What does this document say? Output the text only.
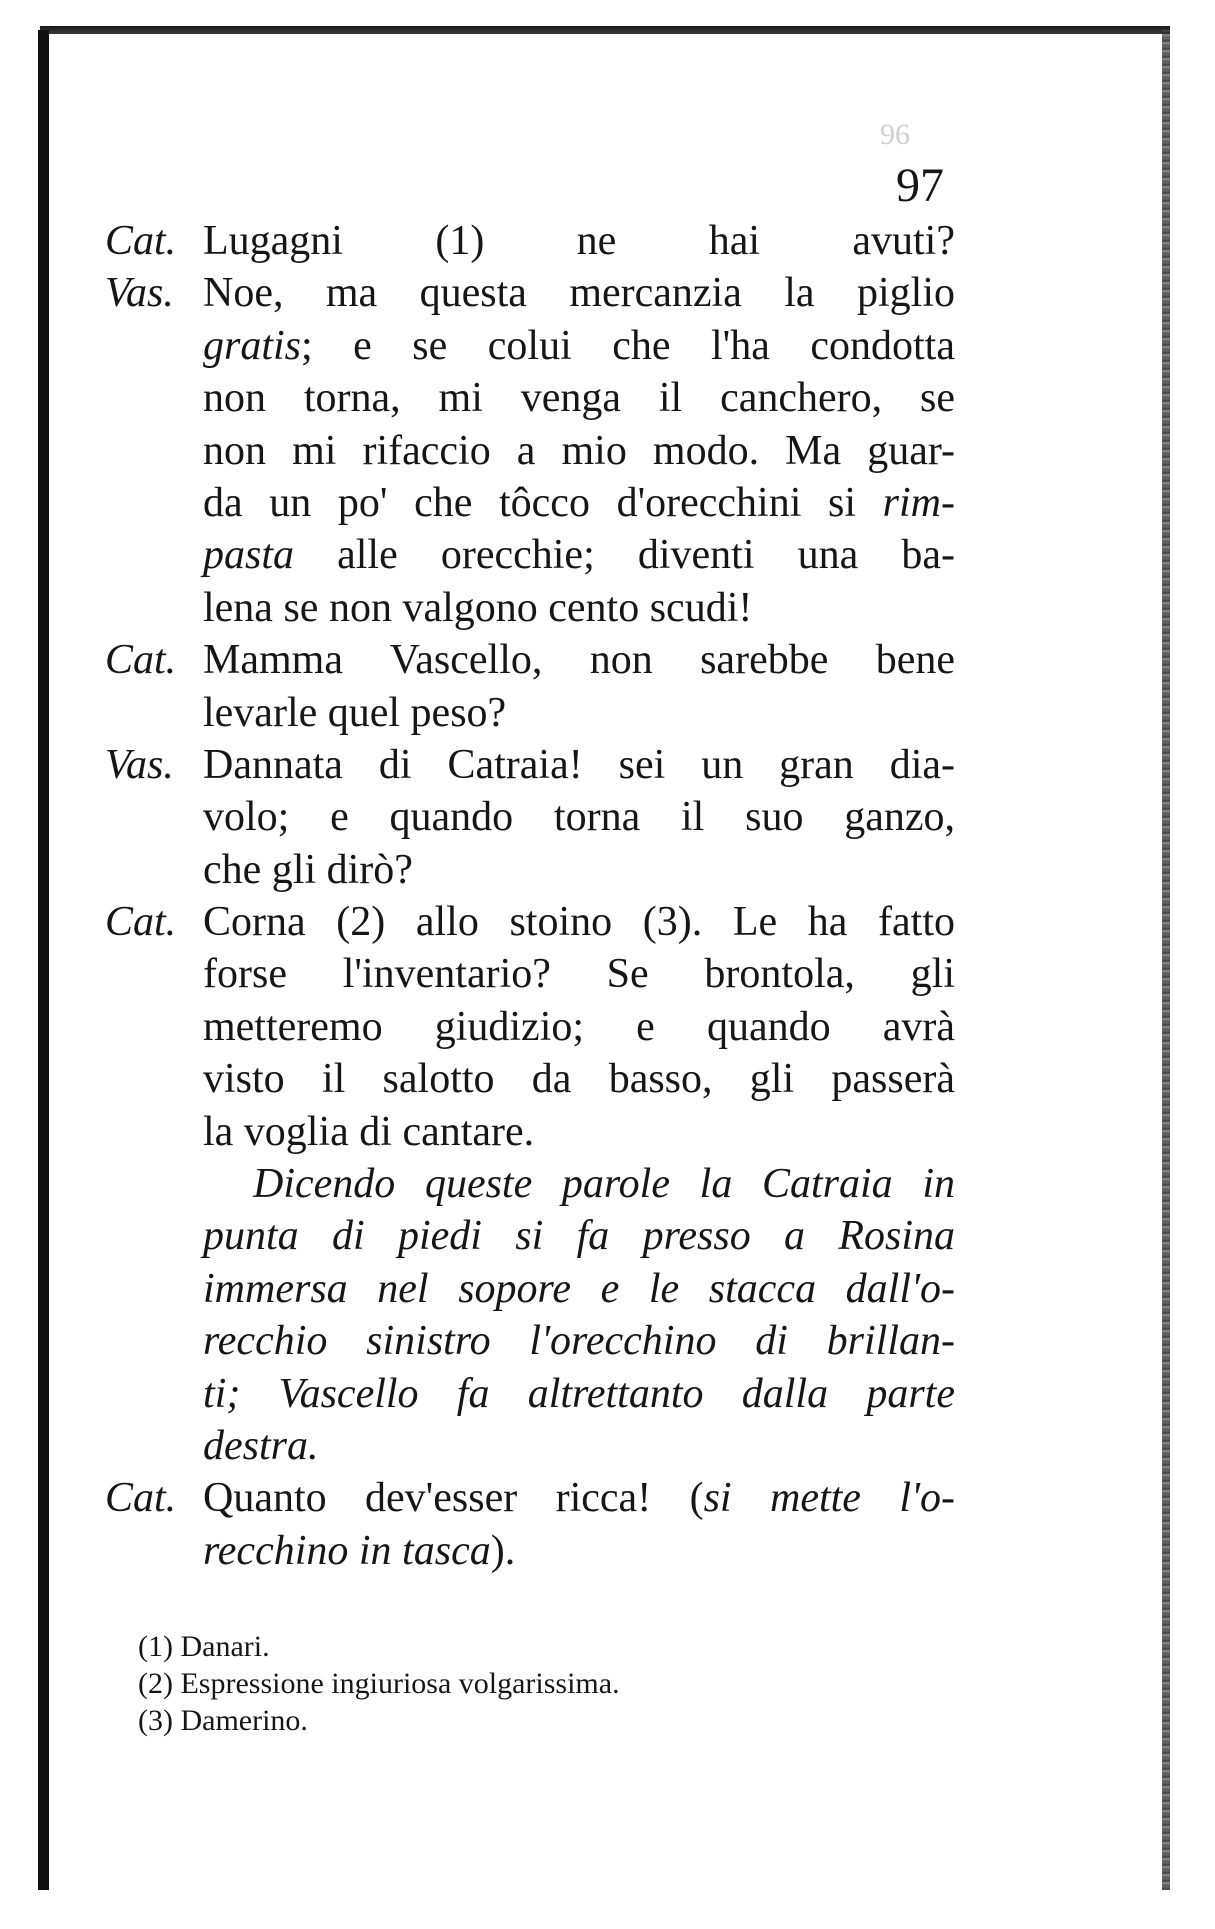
96
97
Cat. Lugagni (1) ne hai avuti?
Vas. Noe, ma questa mercanzia la piglio
gratis; e se colui che l'ha condotta
non torna, mi venga il canchero, se
non mi rifaccio a mio modo. Ma guar-
da un po' che tôcco d'orecchini si rim-
pasta alle orecchie; diventi una ba-
lena se non valgono cento scudi!
Cat. Mamma Vascello, non sarebbe bene
levarle quel peso?
Vas. Dannata di Catraia! sei un gran dia-
volo; e quando torna il suo ganzo,
che gli dirò?
Cat. Corna (2) allo stoino (3). Le ha fatto
forse l'inventario? Se brontola, gli
metteremo giudizio; e quando avrà
visto il salotto da basso, gli passerà
la voglia di cantare.
Dicendo queste parole la Catraia in
punta di piedi si fa presso a Rosina
immersa nel sopore e le stacca dall'o-
recchio sinistro l'orecchino di brillan-
ti; Vascello fa altrettanto dalla parte
destra.
Cat. Quanto dev'esser ricca! (si mette l'o-
recchino in tasca).
(1) Danari.
(2) Espressione ingiuriosa volgarissima.
(3) Damerino.
